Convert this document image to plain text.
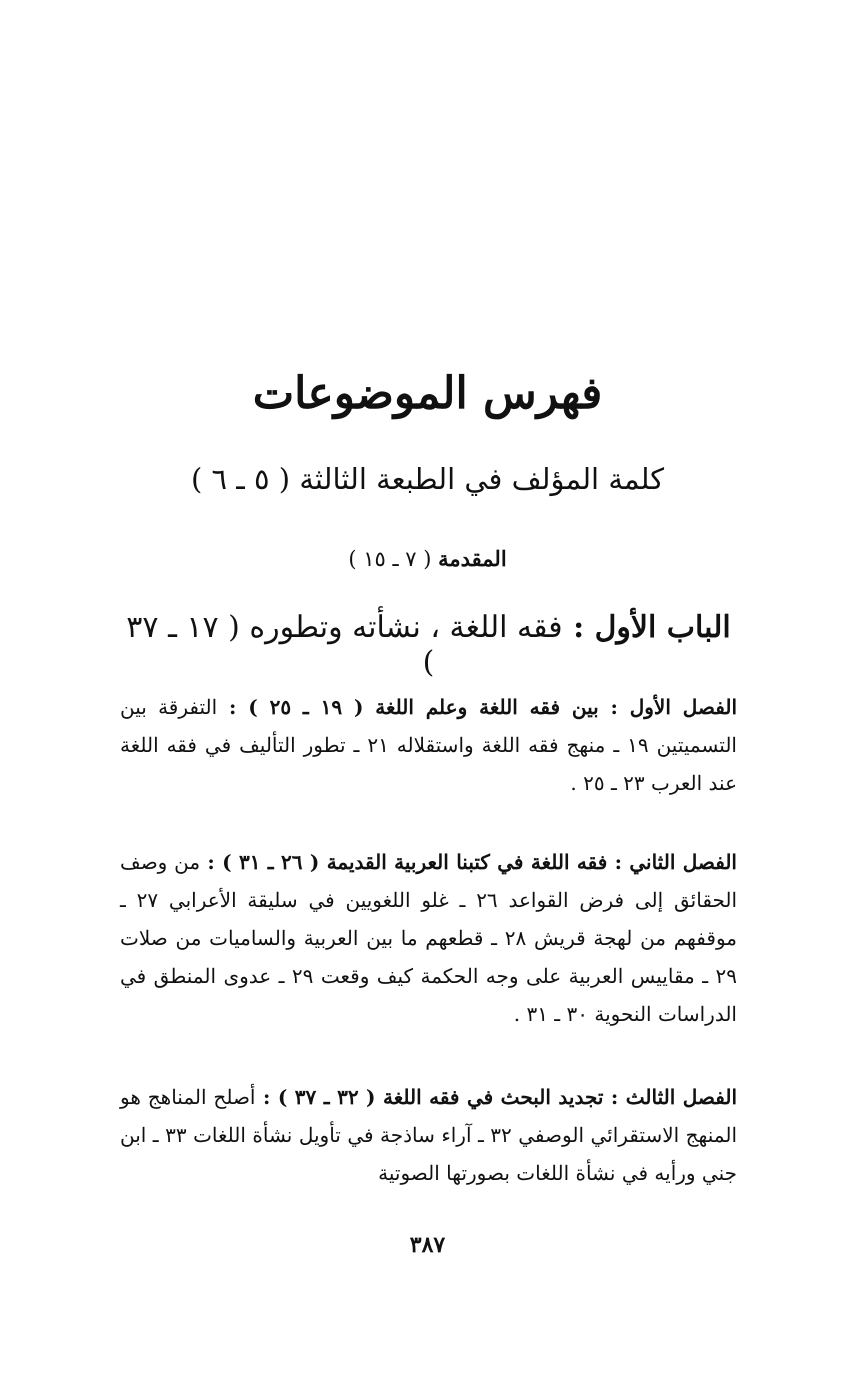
فهرس الموضوعات
كلمة المؤلف في الطبعة الثالثة ( ٥ ـ ٦ )
المقدمة ( ٧ ـ ١٥ )
الباب الأول : فقه اللغة ، نشأته وتطوره ( ١٧ ـ ٣٧ )
الفصل الأول : بين فقه اللغة وعلم اللغة ( ١٩ ـ ٢٥ ) : التفرقة بين التسميتين ١٩ ـ منهج فقه اللغة واستقلاله ٢١ ـ تطور التأليف في فقه اللغة عند العرب ٢٣ ـ ٢٥ .
الفصل الثاني : فقه اللغة في كتبنا العربية القديمة ( ٢٦ ـ ٣١ ) : من وصف الحقائق إلى فرض القواعد ٢٦ ـ غلو اللغويين في سليقة الأعرابي ٢٧ ـ موقفهم من لهجة قريش ٢٨ ـ قطعهم ما بين العربية والساميات من صلات ٢٩ ـ مقاييس العربية على وجه الحكمة كيف وقعت ٢٩ ـ عدوى المنطق في الدراسات النحوية ٣٠ ـ ٣١ .
الفصل الثالث : تجديد البحث في فقه اللغة ( ٣٢ ـ ٣٧ ) : أصلح المناهج هو المنهج الاستقرائي الوصفي ٣٢ ـ آراء ساذجة في تأويل نشأة اللغات ٣٣ ـ ابن جني ورأيه في نشأة اللغات بصورتها الصوتية
٣٨٧
